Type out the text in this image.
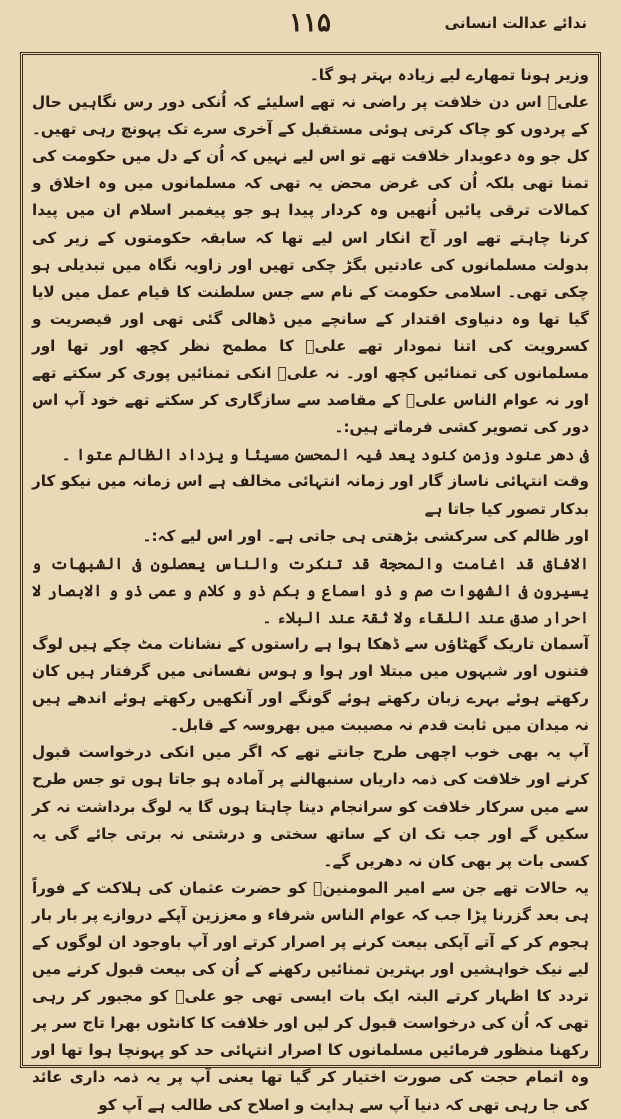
۱۱۵	ندائے عدالت انسانی

وزیر ہونا تمھارے لیے زیادہ بہتر ہو گا۔

علیؑ اس دن خلافت پر راضی نہ تھے اسلیئے کہ اُنکی دور رس نگاہیں حال کے پردوں کو چاک کرتی ہوئی مستقبل کے آخری سرے تک پہونچ رہی تھیں۔ کل جو وہ دعویدار خلافت تھے تو اس لیے نہیں کہ اُن کے دل میں حکومت کی تمنا تھی بلکہ اُن کی غرض محض یہ تھی کہ مسلمانوں میں وہ اخلاق و کمالات ترقی پائیں اُنھیں وہ کردار پیدا ہو جو پیغمبر اسلام ان میں پیدا کرنا چاہتے تھے اور آج انکار اس لیے تھا کہ سابقہ حکومتوں کے زیر کی بدولت مسلمانوں کی عادتیں بگڑ چکی تھیں اور زاویہ نگاہ میں تبدیلی ہو چکی تھی۔ اسلامی حکومت کے نام سے جس سلطنت کا قیام عمل میں لایا گیا تھا وہ دنیاوی اقتدار کے سانچے میں ڈھالی گئی تھی اور قیصریت و کسرویت کی اتنا نمودار تھے علیؑ کا مطمح نظر کچھ اور تھا اور مسلمانوں کی تمنائیں کچھ اور۔ نہ علیؑ انکی تمنائیں پوری کر سکتے تھے اور نہ عوام الناس علیؑ کے مقاصد سے سازگاری کر سکتے تھے خود آپ اس دور کی تصویر کشی فرماتے ہیں:۔

فی دھر عنود وزمن کنود یعد فیہ المحسن مسیئا و یزداد الظالم عتوا ۔

وقت انتہائی ناساز گار اور زمانہ انتہائی مخالف ہے اس زمانہ میں نیکو کار بدکار تصور کیا جاتا ہے

اور ظالم کی سرکشی بڑھتی ہی جاتی ہے۔ اور اس لیے کہ:۔

الافاق قد اغامت والمحجة قد تنکرت والناس یعصلون فی الشبھات و یسیرون فی الشھوات صم و ذو اسماع و بکم ذو و کلام و عمی ذو و الابصار لا احرار صدق عند اللقاء ولا ثقۃ عند البلاء ۔

آسمان تاریک گھٹاؤں سے ڈھکا ہوا ہے راستوں کے نشانات مٹ چکے ہیں لوگ فتنوں اور شبہوں میں مبتلا اور ہوا و ہوس نفسانی میں گرفتار ہیں کان رکھتے ہوئے بہرے زبان رکھتے ہوئے گونگے اور آنکھیں رکھتے ہوئے اندھے ہیں نہ میدان میں ثابت قدم نہ مصیبت میں بھروسہ کے قابل۔

آپ یہ بھی خوب اچھی طرح جانتے تھے کہ اگر میں انکی درخواست قبول کرنے اور خلافت کی ذمہ داریاں سنبھالنے پر آمادہ ہو جاتا ہوں تو جس طرح سے میں سرکار خلافت کو سرانجام دینا چاہتا ہوں گا یہ لوگ برداشت نہ کر سکیں گے اور جب تک ان کے ساتھ سختی و درشتی نہ برتی جائے گی یہ کسی بات پر بھی کان نہ دھریں گے۔

یہ حالات تھے جن سے امیر المومنینؑ کو حضرت عثمان کی ہلاکت کے فوراً ہی بعد گزرنا پڑا جب کہ عوام الناس شرفاء و معززین آپکے دروازے پر بار بار ہجوم کر کے آتے آپکی بیعت کرنے پر اصرار کرتے اور آپ باوجود ان لوگوں کے لیے نیک خواہشیں اور بہترین تمنائیں رکھنے کے اُن کی بیعت قبول کرنے میں تردد کا اظہار کرتے البتہ ایک بات ایسی تھی جو علیؑ کو مجبور کر رہی تھی کہ اُن کی درخواست قبول کر لیں اور خلافت کا کانٹوں بھرا تاج سر پر رکھنا منظور فرمائیں مسلمانوں کا اصرار انتہائی حد کو پہونچا ہوا تھا اور وہ اتمام حجت کی صورت اختیار کر گیا تھا یعنی آپ پر یہ ذمہ داری عائد کی جا رہی تھی کہ دنیا آپ سے ہدایت و اصلاح کی طالب ہے آپ کو
